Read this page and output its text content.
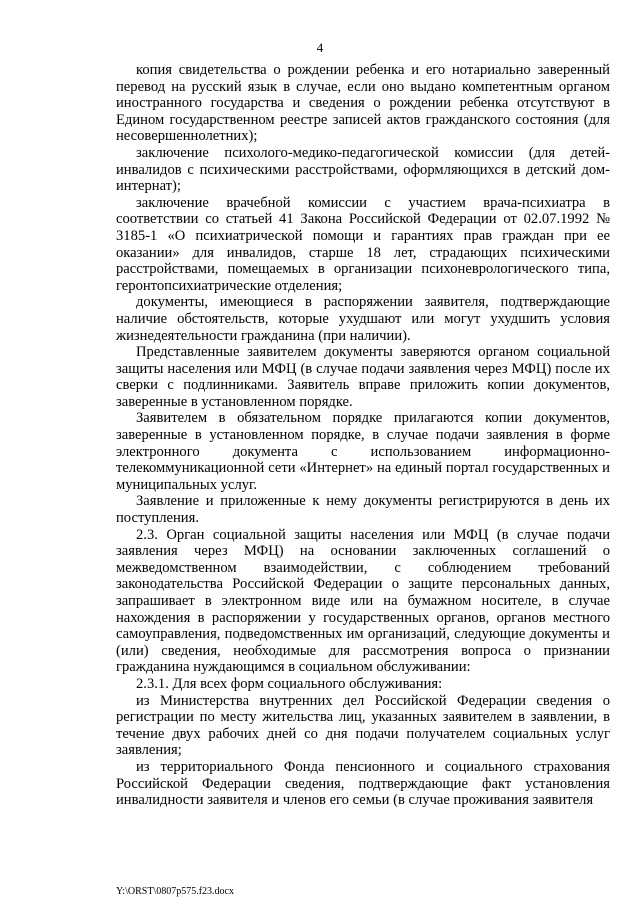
4

копия свидетельства о рождении ребенка и его нотариально заверенный перевод на русский язык в случае, если оно выдано компетентным органом иностранного государства и сведения о рождении ребенка отсутствуют в Едином государственном реестре записей актов гражданского состояния (для несовершеннолетних);

заключение психолого-медико-педагогической комиссии (для детей-инвалидов с психическими расстройствами, оформляющихся в детский дом-интернат);

заключение врачебной комиссии с участием врача-психиатра в соответствии со статьей 41 Закона Российской Федерации от 02.07.1992 № 3185-1 «О психиатрической помощи и гарантиях прав граждан при ее оказании» для инвалидов, старше 18 лет, страдающих психическими расстройствами, помещаемых в организации психоневрологического типа, геронтопсихиатрические отделения;

документы, имеющиеся в распоряжении заявителя, подтверждающие наличие обстоятельств, которые ухудшают или могут ухудшить условия жизнедеятельности гражданина (при наличии).

Представленные заявителем документы заверяются органом социальной защиты населения или МФЦ (в случае подачи заявления через МФЦ) после их сверки с подлинниками. Заявитель вправе приложить копии документов, заверенные в установленном порядке.

Заявителем в обязательном порядке прилагаются копии документов, заверенные в установленном порядке, в случае подачи заявления в форме электронного документа с использованием информационно-телекоммуникационной сети «Интернет» на единый портал государственных и муниципальных услуг.

Заявление и приложенные к нему документы регистрируются в день их поступления.

2.3. Орган социальной защиты населения или МФЦ (в случае подачи заявления через МФЦ) на основании заключенных соглашений о межведомственном взаимодействии, с соблюдением требований законодательства Российской Федерации о защите персональных данных, запрашивает в электронном виде или на бумажном носителе, в случае нахождения в распоряжении у государственных органов, органов местного самоуправления, подведомственных им организаций, следующие документы и (или) сведения, необходимые для рассмотрения вопроса о признании гражданина нуждающимся в социальном обслуживании:

2.3.1. Для всех форм социального обслуживания:

из Министерства внутренних дел Российской Федерации сведения о регистрации по месту жительства лиц, указанных заявителем в заявлении, в течение двух рабочих дней со дня подачи получателем социальных услуг заявления;

из территориального Фонда пенсионного и социального страхования Российской Федерации сведения, подтверждающие факт установления инвалидности заявителя и членов его семьи (в случае проживания заявителя

Y:\ORST\0807p575.f23.docx
